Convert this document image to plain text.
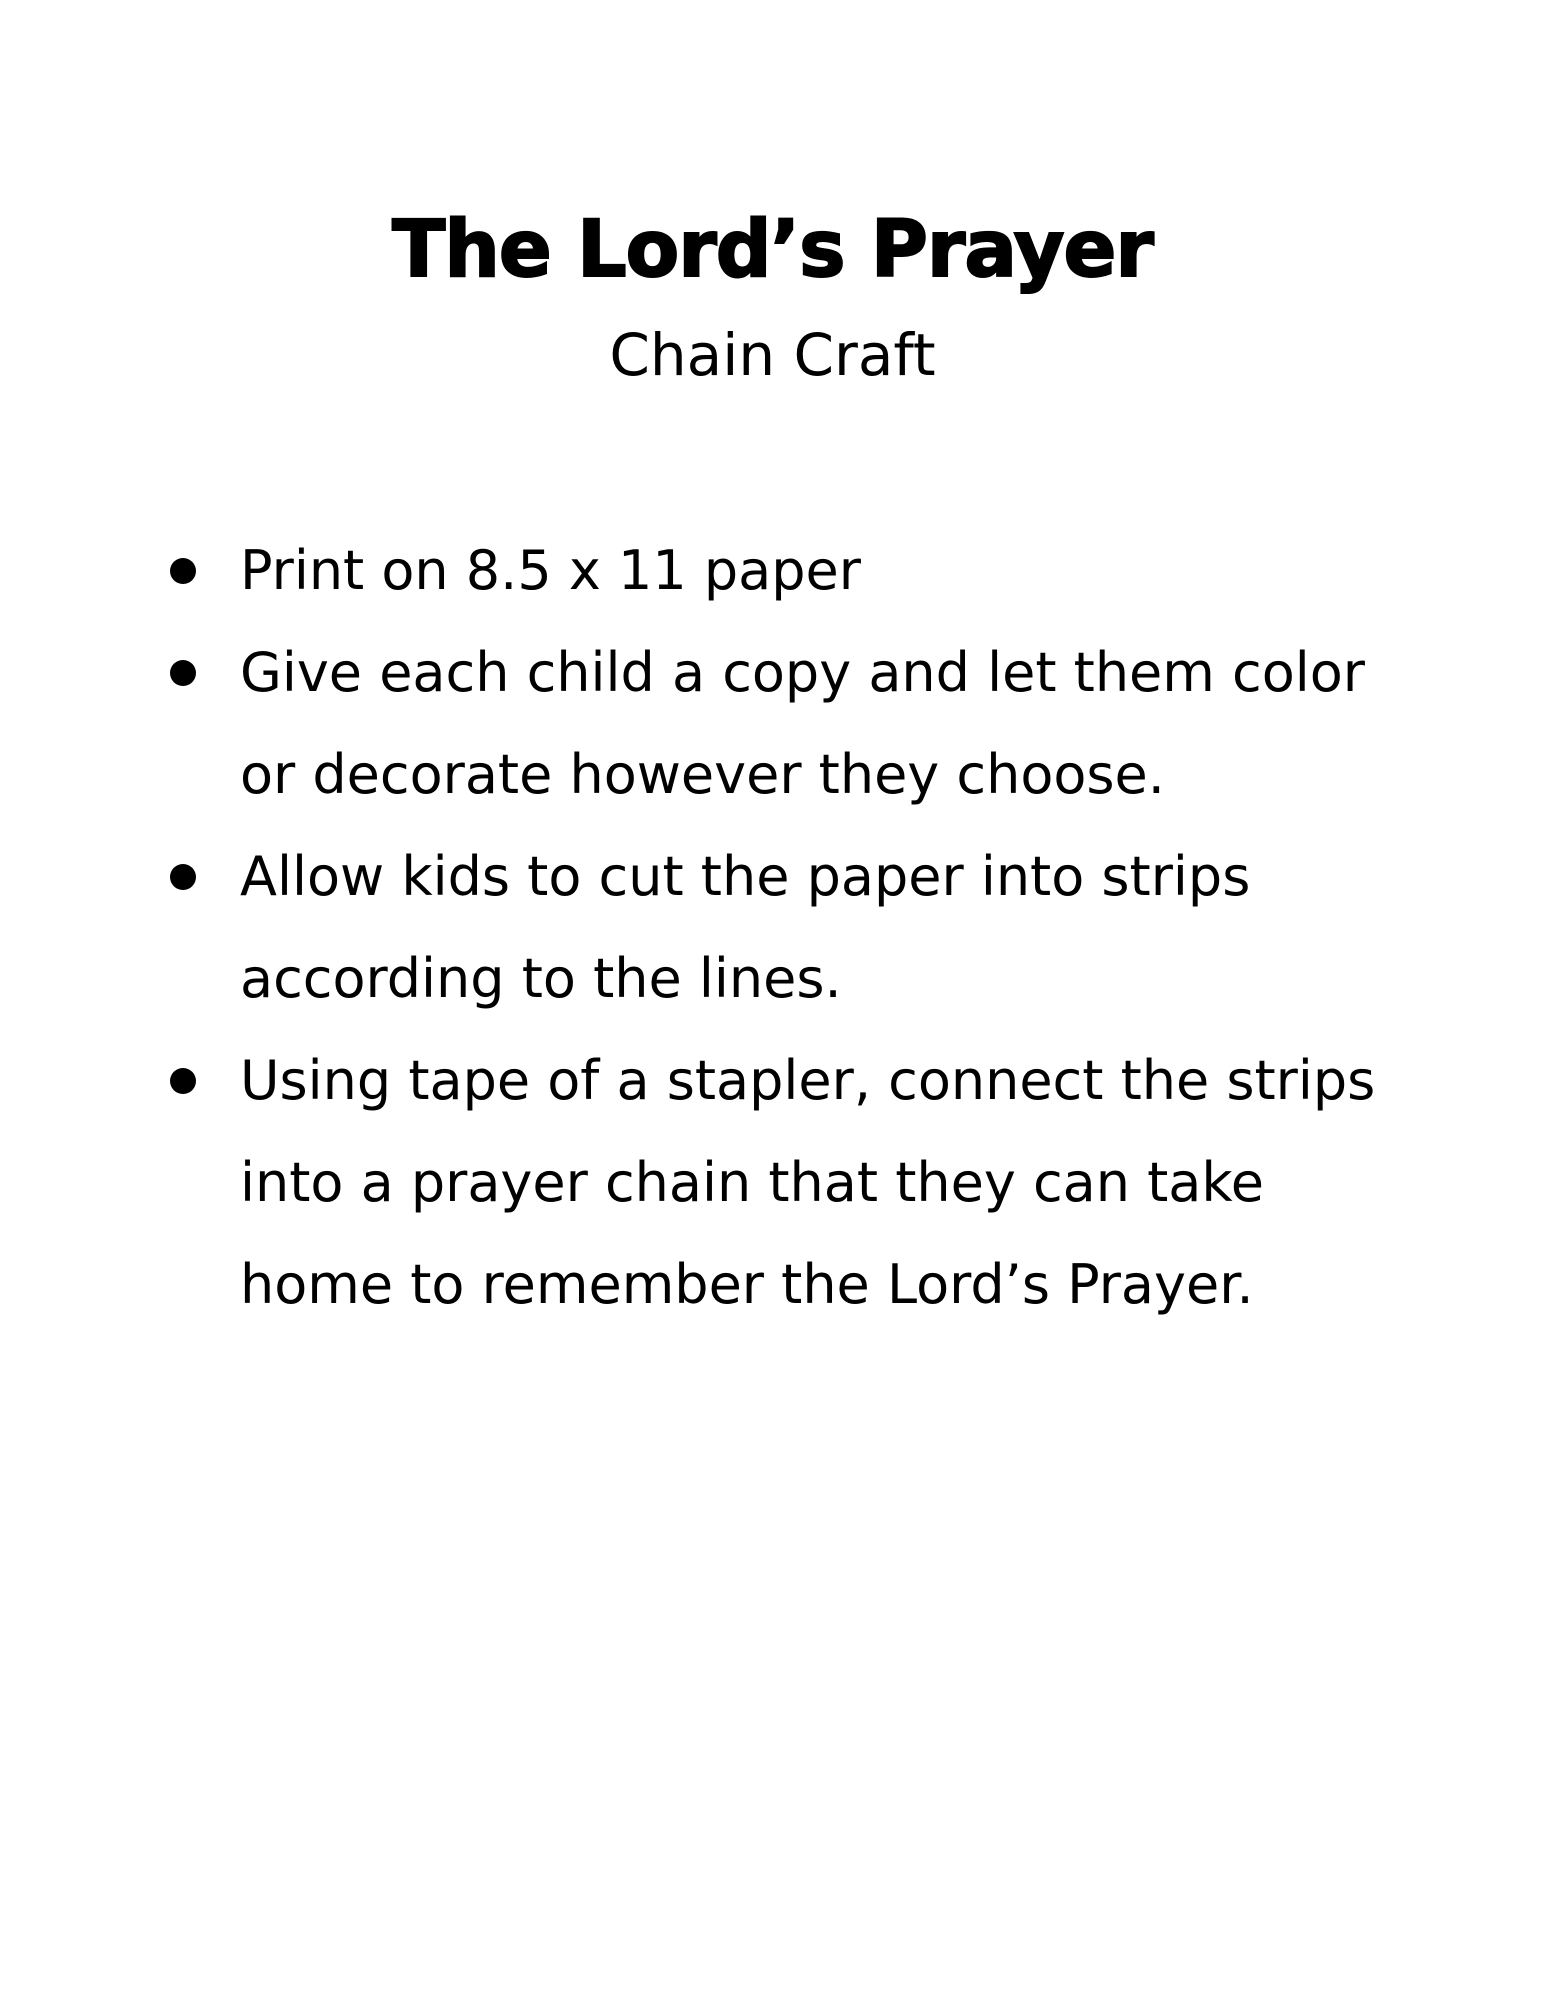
The Lord’s Prayer
Chain Craft
Print on 8.5 x 11 paper
Give each child a copy and let them color or decorate however they choose.
Allow kids to cut the paper into strips according to the lines.
Using tape of a stapler, connect the strips into a prayer chain that they can take home to remember the Lord’s Prayer.
